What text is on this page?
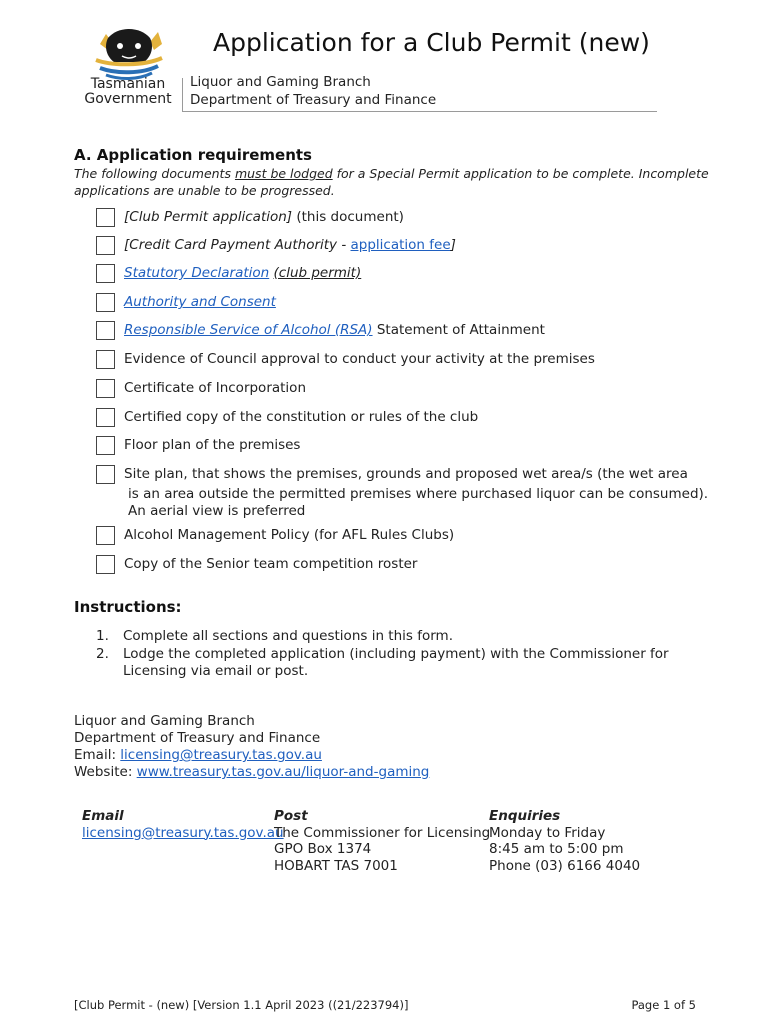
Tasmanian
Government
Application for a Club Permit (new)
Liquor and Gaming Branch
Department of Treasury and Finance
A. Application requirements
The following documents must be lodged for a Special Permit application to be complete. Incomplete applications are unable to be progressed.
[Club Permit application] (this document)
[Credit Card Payment Authority - application fee]
Statutory Declaration (club permit)
Authority and Consent
Responsible Service of Alcohol (RSA) Statement of Attainment
Evidence of Council approval to conduct your activity at the premises
Certificate of Incorporation
Certified copy of the constitution or rules of the club
Floor plan of the premises
Site plan, that shows the premises, grounds and proposed wet area/s (the wet area
is an area outside the permitted premises where purchased liquor can be consumed).
An aerial view is preferred
Alcohol Management Policy (for AFL Rules Clubs)
Copy of the Senior team competition roster
Instructions:
1. Complete all sections and questions in this form.
2. Lodge the completed application (including payment) with the Commissioner for Licensing via email or post.
Liquor and Gaming Branch
Department of Treasury and Finance
Email: licensing@treasury.tas.gov.au
Website: www.treasury.tas.gov.au/liquor-and-gaming
Email
licensing@treasury.tas.gov.au
Post
The Commissioner for Licensing
GPO Box 1374
HOBART TAS 7001
Enquiries
Monday to Friday
8:45 am to 5:00 pm
Phone (03) 6166 4040
[Club Permit - (new) [Version 1.1 April 2023 ((21/223794)]	Page 1 of 5
